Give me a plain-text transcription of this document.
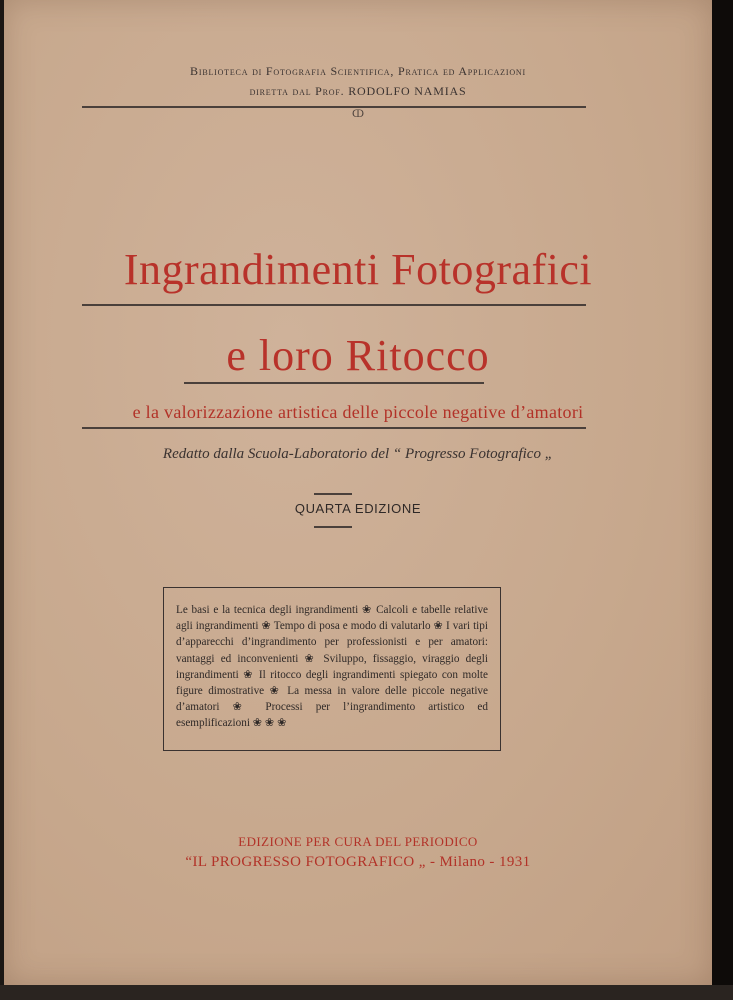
Biblioteca di Fotografia Scientifica, Pratica ed Applicazioni
diretta dal Prof. RODOLFO NAMIAS
ↀ
Ingrandimenti Fotografici
e loro Ritocco
e la valorizzazione artistica delle piccole negative d’amatori
Redatto dalla Scuola-Laboratorio del “ Progresso Fotografico „
QUARTA EDIZIONE
Le basi e la tecnica degli ingrandimenti ❀ Calcoli e tabelle relative agli ingrandimenti ❀ Tempo di posa e modo di valutarlo ❀ I vari tipi d’apparecchi d’ingrandimento per professionisti e per amatori: vantaggi ed inconvenienti ❀ Sviluppo, fissaggio, viraggio degli ingrandimenti ❀ Il ritocco degli ingrandimenti spiegato con molte figure dimostrative ❀ La messa in valore delle piccole negative d’amatori ❀ Processi per l’ingrandimento artistico ed esemplificazioni ❀ ❀ ❀
EDIZIONE PER CURA DEL PERIODICO
“IL PROGRESSO FOTOGRAFICO „ - Milano - 1931
